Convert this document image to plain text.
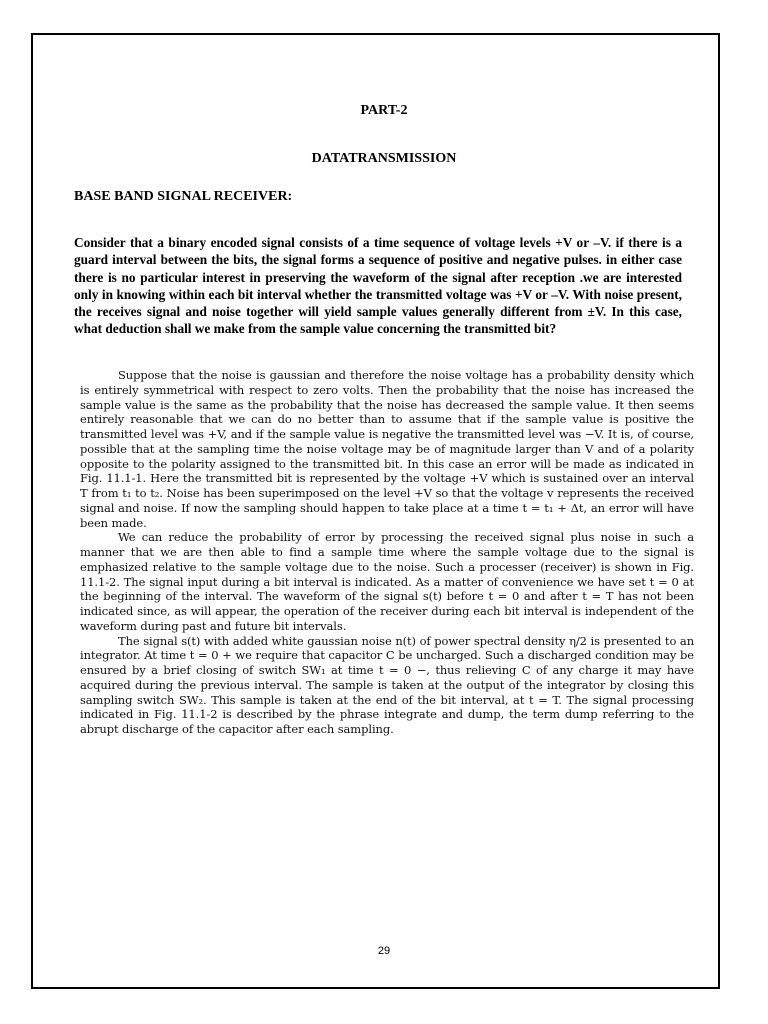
PART-2
DATATRANSMISSION
BASE BAND SIGNAL RECEIVER:

Consider that a binary encoded signal consists of a time sequence of voltage levels +V or –V. if there is a guard interval between the bits, the signal forms a sequence of positive and negative pulses. in either case there is no particular interest in preserving the waveform of the signal after reception .we are interested only in knowing within each bit interval whether the transmitted voltage was +V or –V. With noise present, the receives signal and noise together will yield sample values generally different from ±V. In this case, what deduction shall we make from the sample value concerning the transmitted bit?

Suppose that the noise is gaussian and therefore the noise voltage has a probability density which is entirely symmetrical with respect to zero volts. Then the probability that the noise has increased the sample value is the same as the probability that the noise has decreased the sample value. It then seems entirely reasonable that we can do no better than to assume that if the sample value is positive the transmitted level was +V, and if the sample value is negative the transmitted level was −V. It is, of course, possible that at the sampling time the noise voltage may be of magnitude larger than V and of a polarity opposite to the polarity assigned to the transmitted bit. In this case an error will be made as indicated in Fig. 11.1-1. Here the transmitted bit is represented by the voltage +V which is sustained over an interval T from t₁ to t₂. Noise has been superimposed on the level +V so that the voltage v represents the received signal and noise. If now the sampling should happen to take place at a time t = t₁ + Δt, an error will have been made.

We can reduce the probability of error by processing the received signal plus noise in such a manner that we are then able to find a sample time where the sample voltage due to the signal is emphasized relative to the sample voltage due to the noise. Such a processer (receiver) is shown in Fig. 11.1-2. The signal input during a bit interval is indicated. As a matter of convenience we have set t = 0 at the beginning of the interval. The waveform of the signal s(t) before t = 0 and after t = T has not been indicated since, as will appear, the operation of the receiver during each bit interval is independent of the waveform during past and future bit intervals.

The signal s(t) with added white gaussian noise n(t) of power spectral density η/2 is presented to an integrator. At time t = 0 + we require that capacitor C be uncharged. Such a discharged condition may be ensured by a brief closing of switch SW₁ at time t = 0 −, thus relieving C of any charge it may have acquired during the previous interval. The sample is taken at the output of the integrator by closing this sampling switch SW₂. This sample is taken at the end of the bit interval, at t = T. The signal processing indicated in Fig. 11.1-2 is described by the phrase integrate and dump, the term dump referring to the abrupt discharge of the capacitor after each sampling.

29
